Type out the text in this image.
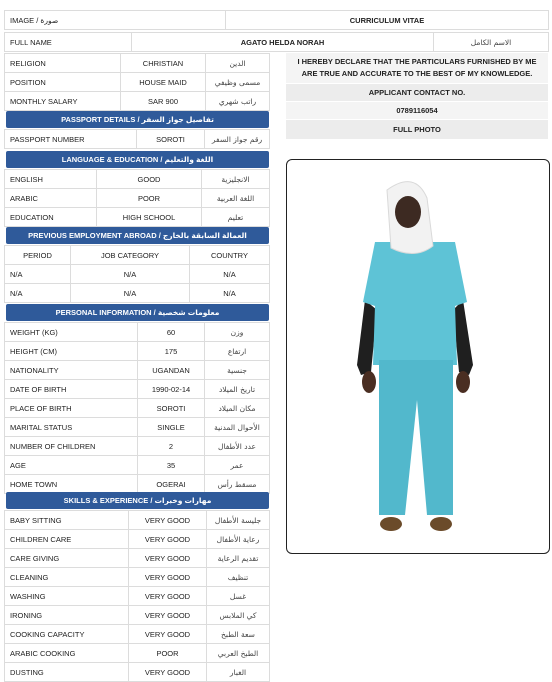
IMAGE / صورة	CURRICULUM VITAE
FULL NAME	AGATO HELDA NORAH	الاسم الكامل
RELIGION	CHRISTIAN	الدين
POSITION	HOUSE MAID	مسمى وظيفي
MONTHLY SALARY	SAR 900	راتب شهري
I HEREBY DECLARE THAT THE PARTICULARS FURNISHED BY ME ARE TRUE AND ACCURATE TO THE BEST OF MY KNOWLEDGE.
APPLICANT CONTACT NO.
0789116054
FULL PHOTO
PASSPORT DETAILS / تفاصيل جواز السفر
PASSPORT NUMBER	SOROTI	رقم جواز السفر
LANGUAGE & EDUCATION / اللغة والتعليم
ENGLISH	GOOD	الانجليزية
ARABIC	POOR	اللغة العربية
EDUCATION	HIGH SCHOOL	تعليم
PREVIOUS EMPLOYMENT ABROAD / العمالة السابقة بالخارج
PERIOD	JOB CATEGORY	COUNTRY
N/A	N/A	N/A
N/A	N/A	N/A
PERSONAL INFORMATION / معلومات شخصية
WEIGHT (KG)	60	وزن
HEIGHT (CM)	175	ارتفاع
NATIONALITY	UGANDAN	جنسية
DATE OF BIRTH	1990-02-14	تاريخ الميلاد
PLACE OF BIRTH	SOROTI	مكان الميلاد
MARITAL STATUS	SINGLE	الأحوال المدنية
NUMBER OF CHILDREN	2	عدد الأطفال
AGE	35	عمر
HOME TOWN	OGERAI	مسقط رأس
SKILLS & EXPERIENCE / مهارات وخبرات
BABY SITTING	VERY GOOD	جليسة الأطفال
CHILDREN CARE	VERY GOOD	رعاية الأطفال
CARE GIVING	VERY GOOD	تقديم الرعاية
CLEANING	VERY GOOD	تنظيف
WASHING	VERY GOOD	غسل
IRONING	VERY GOOD	كي الملابس
COOKING CAPACITY	VERY GOOD	سعة الطبخ
ARABIC COOKING	POOR	الطبخ العربي
DUSTING	VERY GOOD	الغبار
